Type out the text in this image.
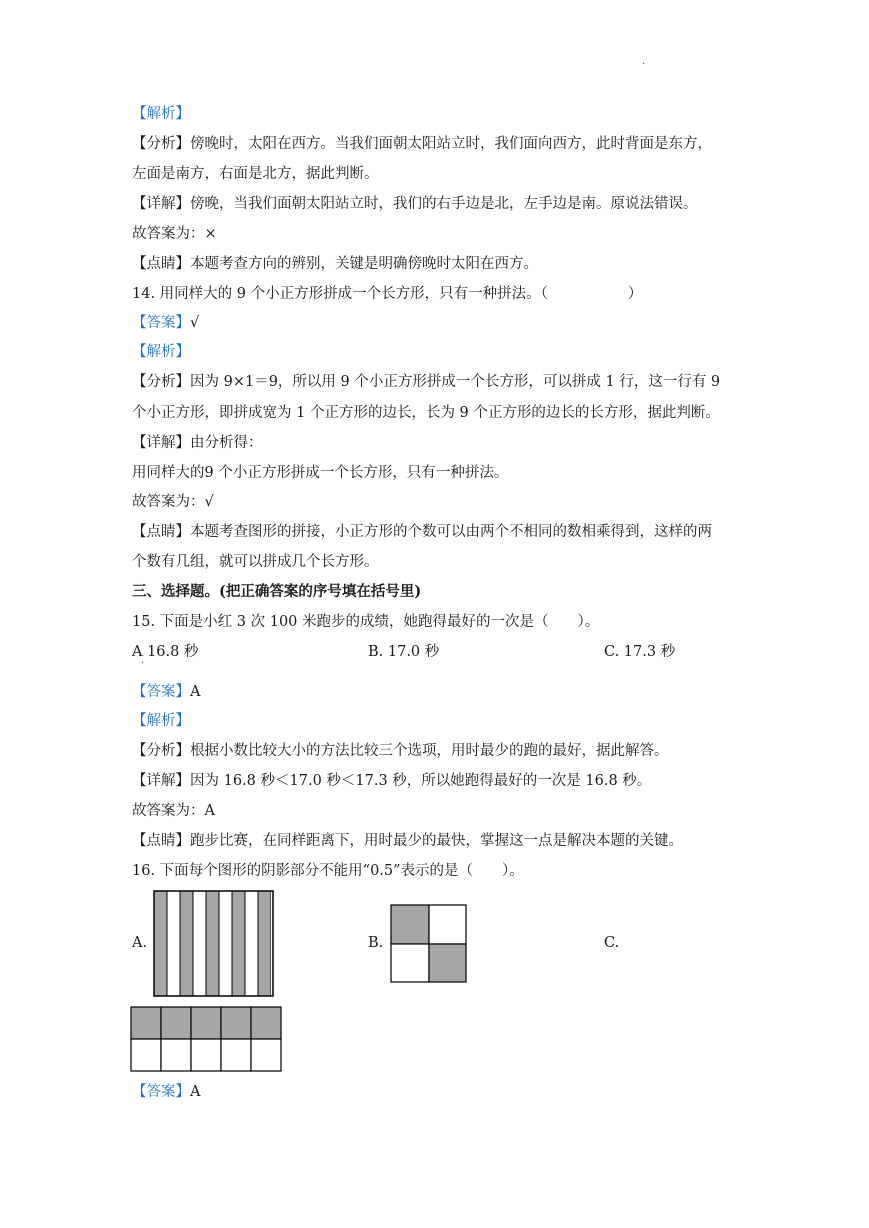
.
【解析】
【分析】傍晚时，太阳在西方。当我们面朝太阳站立时，我们面向西方，此时背面是东方，
左面是南方，右面是北方，据此判断。
【详解】傍晚，当我们面朝太阳站立时，我们的右手边是北，左手边是南。原说法错误。
故答案为：×
【点睛】本题考查方向的辨别，关键是明确傍晚时太阳在西方。
14. 用同样大的 9 个小正方形拼成一个长方形，只有一种拼法。（	）
【答案】√
【解析】
【分析】因为 9×1＝9，所以用 9 个小正方形拼成一个长方形，可以拼成 1 行，这一行有 9
个小正方形，即拼成宽为 1 个正方形的边长，长为 9 个正方形的边长的长方形，据此判断。
【详解】由分析得：
用同样大的9 个小正方形拼成一个长方形，只有一种拼法。
故答案为：√
【点睛】本题考查图形的拼接，小正方形的个数可以由两个不相同的数相乘得到，这样的两
个数有几组，就可以拼成几个长方形。
三、选择题。(把正确答案的序号填在括号里)
15. 下面是小红 3 次 100 米跑步的成绩，她跑得最好的一次是（　　）。
A 16.8 秒
·
B. 17.0 秒	C. 17.3 秒
【答案】A
【解析】
【分析】根据小数比较大小的方法比较三个选项，用时最少的跑的最好，据此解答。
【详解】因为 16.8 秒＜17.0 秒＜17.3 秒，所以她跑得最好的一次是 16.8 秒。
故答案为：A
【点睛】跑步比赛，在同样距离下，用时最少的最快，掌握这一点是解决本题的关键。
16. 下面每个图形的阴影部分不能用“0.5”表示的是（　　）。
A.	B.	C.
【答案】A
